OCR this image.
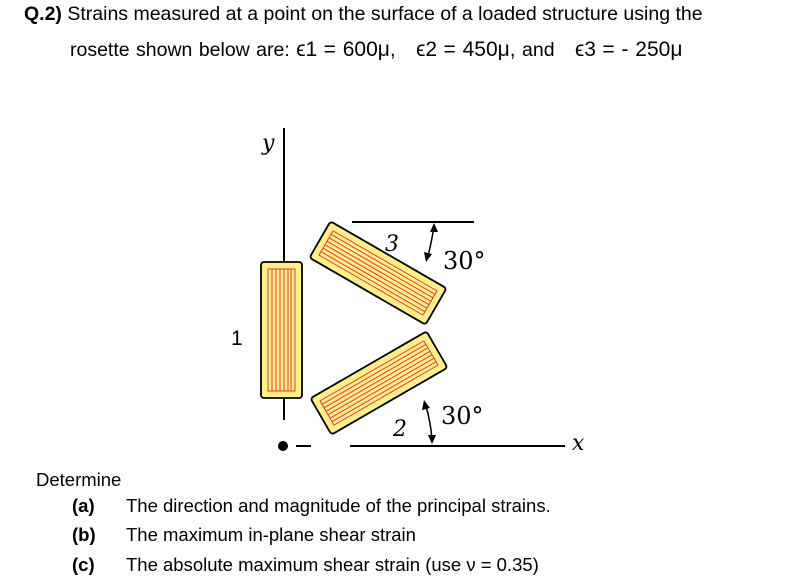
Q.2) Strains measured at a point on the surface of a loaded structure using the
rosette shown below are: ϵ1 = 600μ, ϵ2 = 450μ, and ϵ3 = - 250μ
y
x
1
3
2
30°
30°
Determine
(a) The direction and magnitude of the principal strains.
(b) The maximum in-plane shear strain
(c) The absolute maximum shear strain (use ν = 0.35)
